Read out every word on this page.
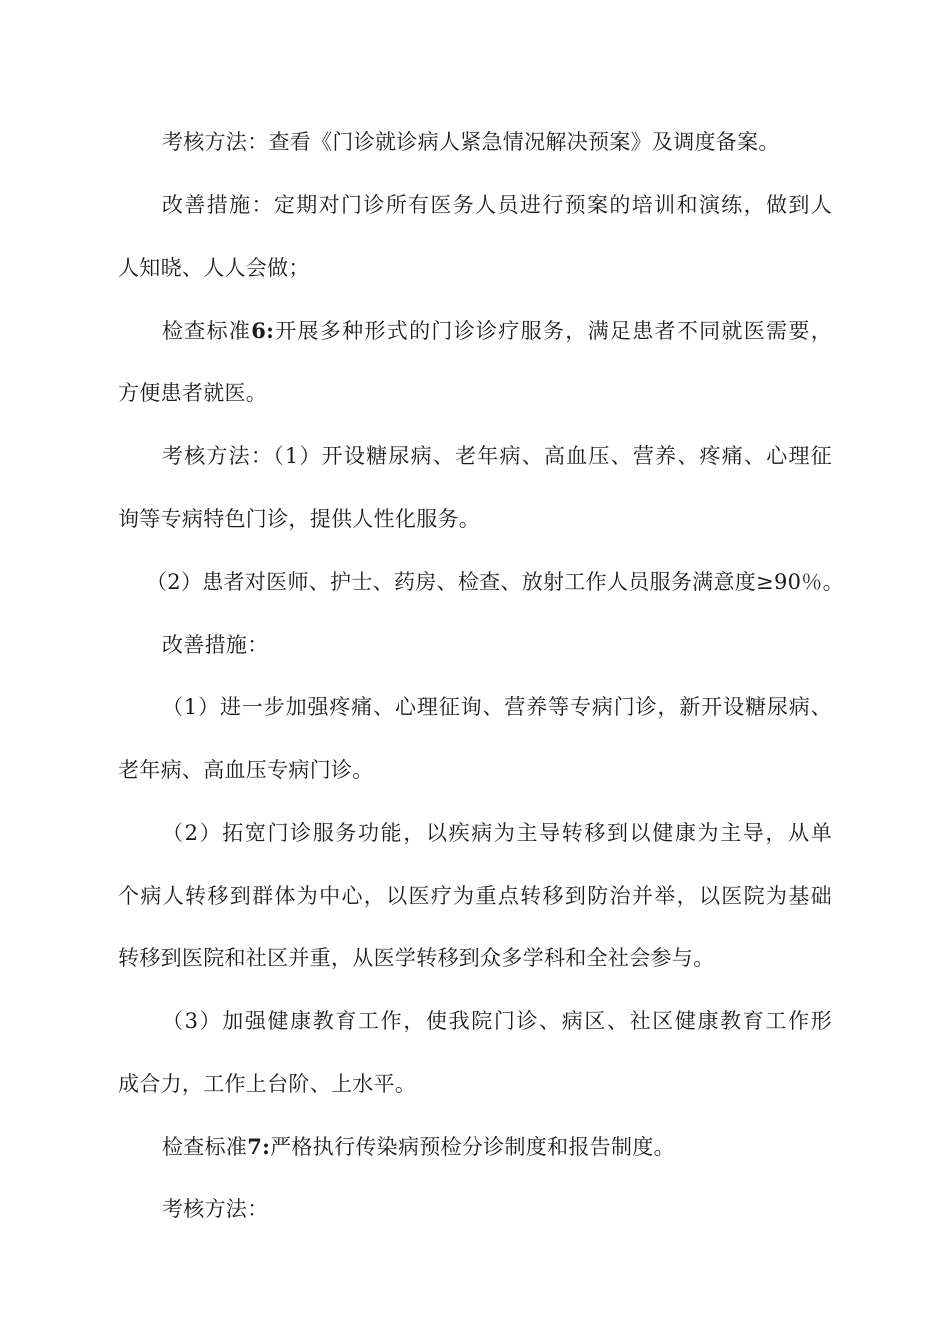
考核方法：查看《门诊就诊病人紧急情况解决预案》及调度备案。
改善措施：定期对门诊所有医务人员进行预案的培训和演练，做到人
人知晓、人人会做；
检查标准6:开展多种形式的门诊诊疗服务，满足患者不同就医需要，
方便患者就医。
考核方法：（1）开设糖尿病、老年病、高血压、营养、疼痛、心理征
询等专病特色门诊，提供人性化服务。
（2）患者对医师、护士、药房、检查、放射工作人员服务满意度≥90％。
改善措施：
（1）进一步加强疼痛、心理征询、营养等专病门诊，新开设糖尿病、
老年病、高血压专病门诊。
（2）拓宽门诊服务功能，以疾病为主导转移到以健康为主导，从单
个病人转移到群体为中心，以医疗为重点转移到防治并举，以医院为基础
转移到医院和社区并重，从医学转移到众多学科和全社会参与。
（3）加强健康教育工作，使我院门诊、病区、社区健康教育工作形
成合力，工作上台阶、上水平。
检查标准7:严格执行传染病预检分诊制度和报告制度。
考核方法：
